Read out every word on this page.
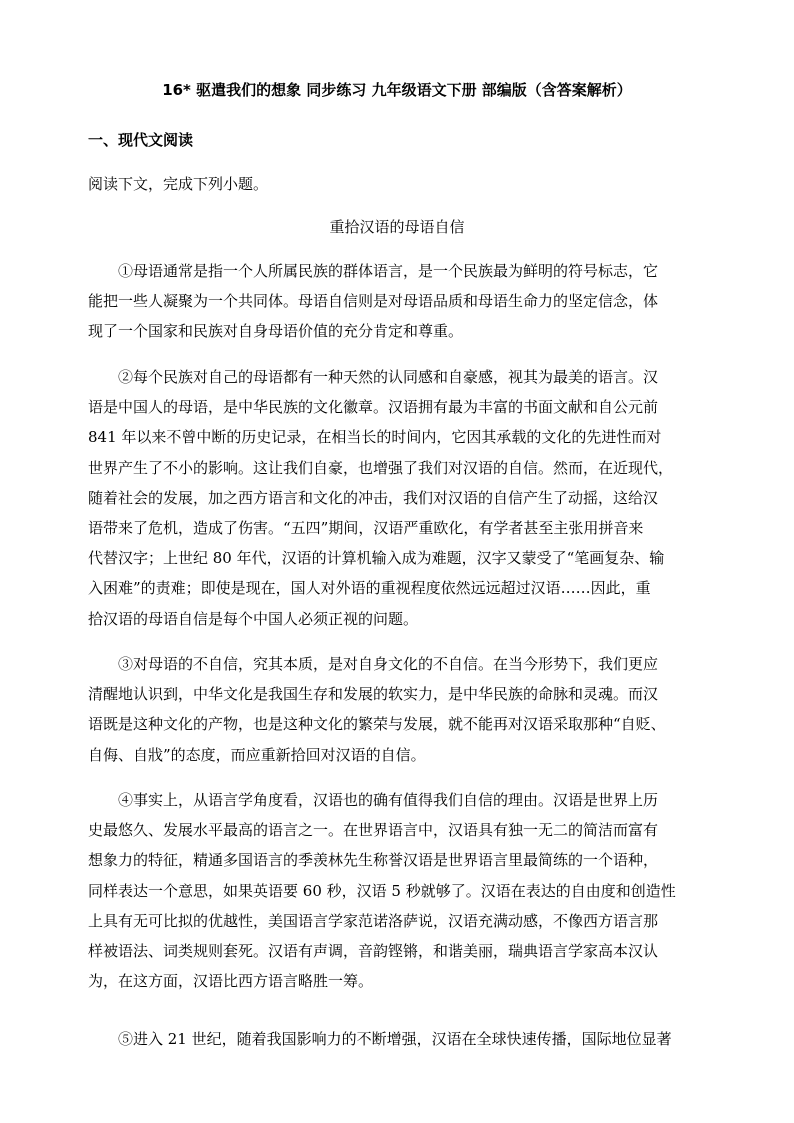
16* 驱遣我们的想象 同步练习 九年级语文下册 部编版（含答案解析）
一、现代文阅读
阅读下文，完成下列小题。
重拾汉语的母语自信
①母语通常是指一个人所属民族的群体语言，是一个民族最为鲜明的符号标志，它
能把一些人凝聚为一个共同体。母语自信则是对母语品质和母语生命力的坚定信念，体
现了一个国家和民族对自身母语价值的充分肯定和尊重。
②每个民族对自己的母语都有一种天然的认同感和自豪感，视其为最美的语言。汉
语是中国人的母语，是中华民族的文化徽章。汉语拥有最为丰富的书面文献和自公元前
841 年以来不曾中断的历史记录，在相当长的时间内，它因其承载的文化的先进性而对
世界产生了不小的影响。这让我们自豪，也增强了我们对汉语的自信。然而，在近现代，
随着社会的发展，加之西方语言和文化的冲击，我们对汉语的自信产生了动摇，这给汉
语带来了危机，造成了伤害。“五四”期间，汉语严重欧化，有学者甚至主张用拼音来
代替汉字；上世纪 80 年代，汉语的计算机输入成为难题，汉字又蒙受了“笔画复杂、输
入困难”的责难；即使是现在，国人对外语的重视程度依然远远超过汉语……因此，重
拾汉语的母语自信是每个中国人必须正视的问题。
③对母语的不自信，究其本质，是对自身文化的不自信。在当今形势下，我们更应
清醒地认识到，中华文化是我国生存和发展的软实力，是中华民族的命脉和灵魂。而汉
语既是这种文化的产物，也是这种文化的繁荣与发展，就不能再对汉语采取那种“自贬、
自侮、自戕”的态度，而应重新拾回对汉语的自信。
④事实上，从语言学角度看，汉语也的确有值得我们自信的理由。汉语是世界上历
史最悠久、发展水平最高的语言之一。在世界语言中，汉语具有独一无二的简洁而富有
想象力的特征，精通多国语言的季羡林先生称誉汉语是世界语言里最简练的一个语种，
同样表达一个意思，如果英语要 60 秒，汉语 5 秒就够了。汉语在表达的自由度和创造性
上具有无可比拟的优越性，美国语言学家范诺洛萨说，汉语充满动感，不像西方语言那
样被语法、词类规则套死。汉语有声调，音韵铿锵，和谐美丽，瑞典语言学家高本汉认
为，在这方面，汉语比西方语言略胜一筹。
⑤进入 21 世纪，随着我国影响力的不断增强，汉语在全球快速传播，国际地位显著
